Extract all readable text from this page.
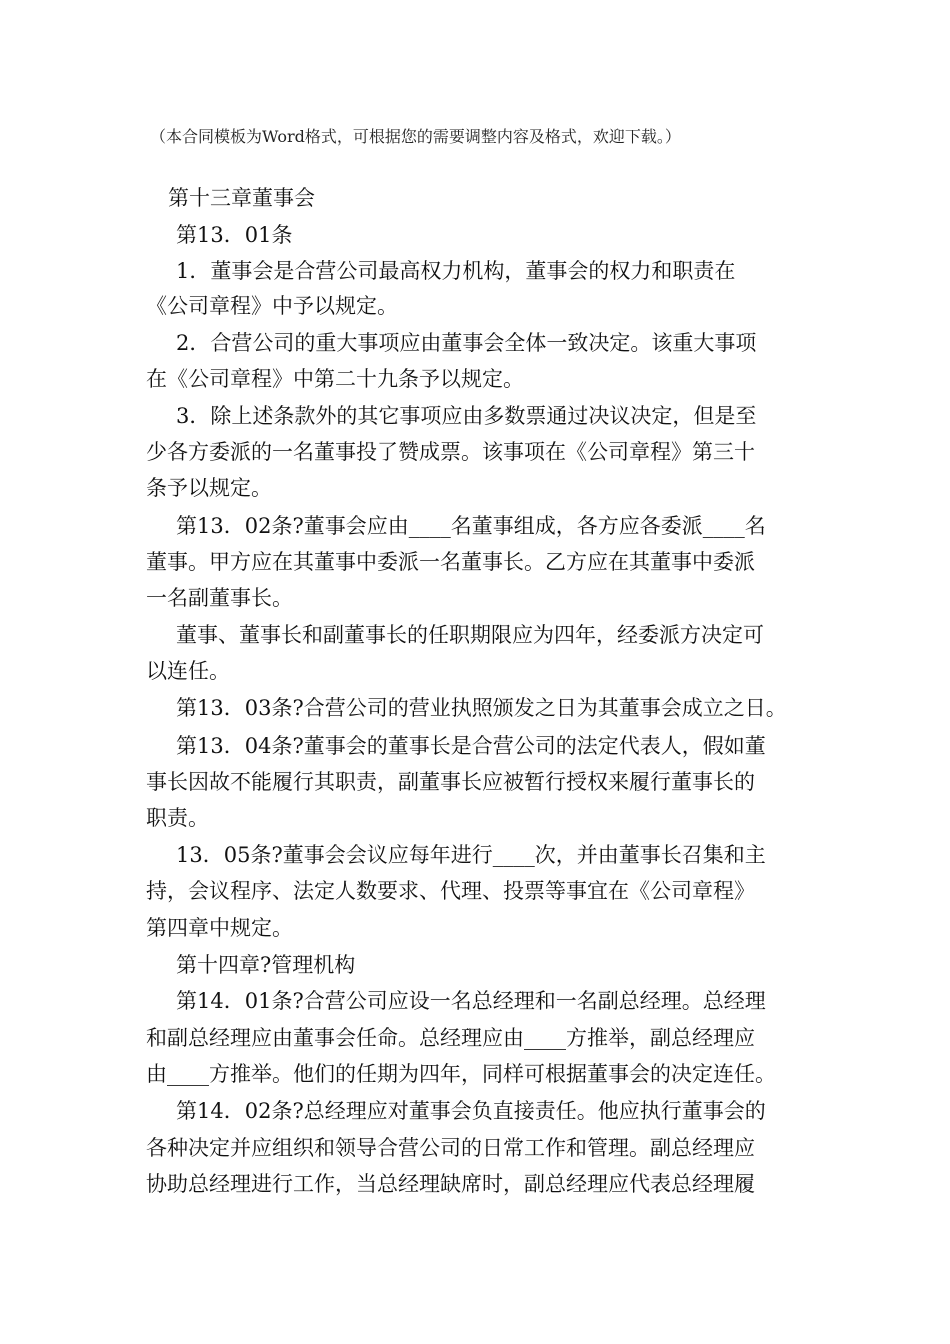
（本合同模板为Word格式，可根据您的需要调整内容及格式，欢迎下载。）
第十三章董事会
第13．01条
1．董事会是合营公司最高权力机构，董事会的权力和职责在
《公司章程》中予以规定。
2．合营公司的重大事项应由董事会全体一致决定。该重大事项
在《公司章程》中第二十九条予以规定。
3．除上述条款外的其它事项应由多数票通过决议决定，但是至
少各方委派的一名董事投了赞成票。该事项在《公司章程》第三十
条予以规定。
第13．02条?董事会应由____名董事组成，各方应各委派____名
董事。甲方应在其董事中委派一名董事长。乙方应在其董事中委派
一名副董事长。
董事、董事长和副董事长的任职期限应为四年，经委派方决定可
以连任。
第13．03条?合营公司的营业执照颁发之日为其董事会成立之日。
第13．04条?董事会的董事长是合营公司的法定代表人，假如董
事长因故不能履行其职责，副董事长应被暂行授权来履行董事长的
职责。
13．05条?董事会会议应每年进行____次，并由董事长召集和主
持，会议程序、法定人数要求、代理、投票等事宜在《公司章程》
第四章中规定。
第十四章?管理机构
第14．01条?合营公司应设一名总经理和一名副总经理。总经理
和副总经理应由董事会任命。总经理应由____方推举，副总经理应
由____方推举。他们的任期为四年，同样可根据董事会的决定连任。
第14．02条?总经理应对董事会负直接责任。他应执行董事会的
各种决定并应组织和领导合营公司的日常工作和管理。副总经理应
协助总经理进行工作，当总经理缺席时，副总经理应代表总经理履
